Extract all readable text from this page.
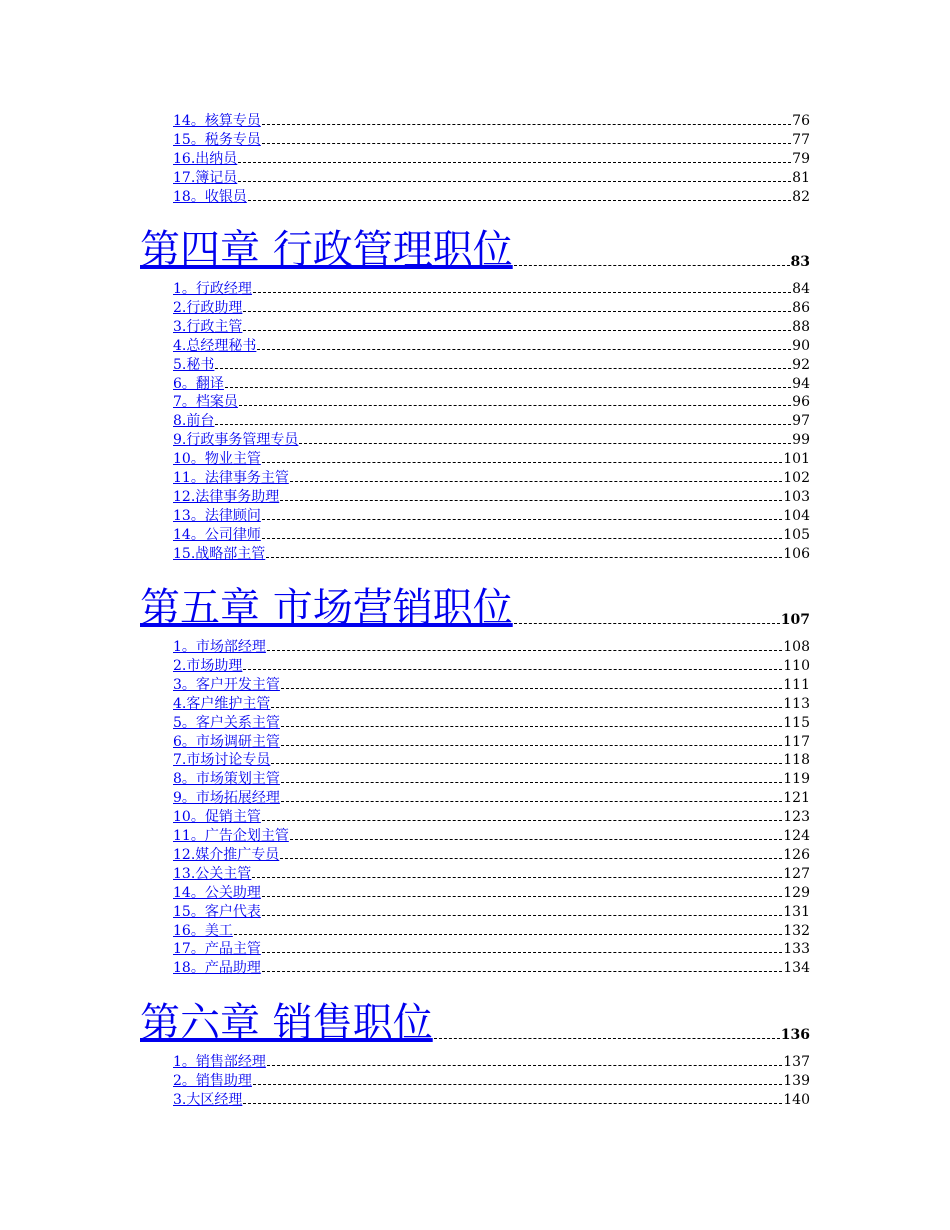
14。核算专员	76
15。税务专员	77
16.出纳员	79
17.簿记员	81
18。收银员	82
第四章 行政管理职位	83
1。行政经理	84
2.行政助理	86
3.行政主管	88
4.总经理秘书	90
5.秘书	92
6。翻译	94
7。档案员	96
8.前台	97
9.行政事务管理专员	99
10。物业主管	101
11。法律事务主管	102
12.法律事务助理	103
13。法律顾问	104
14。公司律师	105
15.战略部主管	106
第五章 市场营销职位	107
1。市场部经理	108
2.市场助理	110
3。客户开发主管	111
4.客户维护主管	113
5。客户关系主管	115
6。市场调研主管	117
7.市场讨论专员	118
8。市场策划主管	119
9。市场拓展经理	121
10。促销主管	123
11。广告企划主管	124
12.媒介推广专员	126
13.公关主管	127
14。公关助理	129
15。客户代表	131
16。美工	132
17。产品主管	133
18。产品助理	134
第六章 销售职位	136
1。销售部经理	137
2。销售助理	139
3.大区经理	140
